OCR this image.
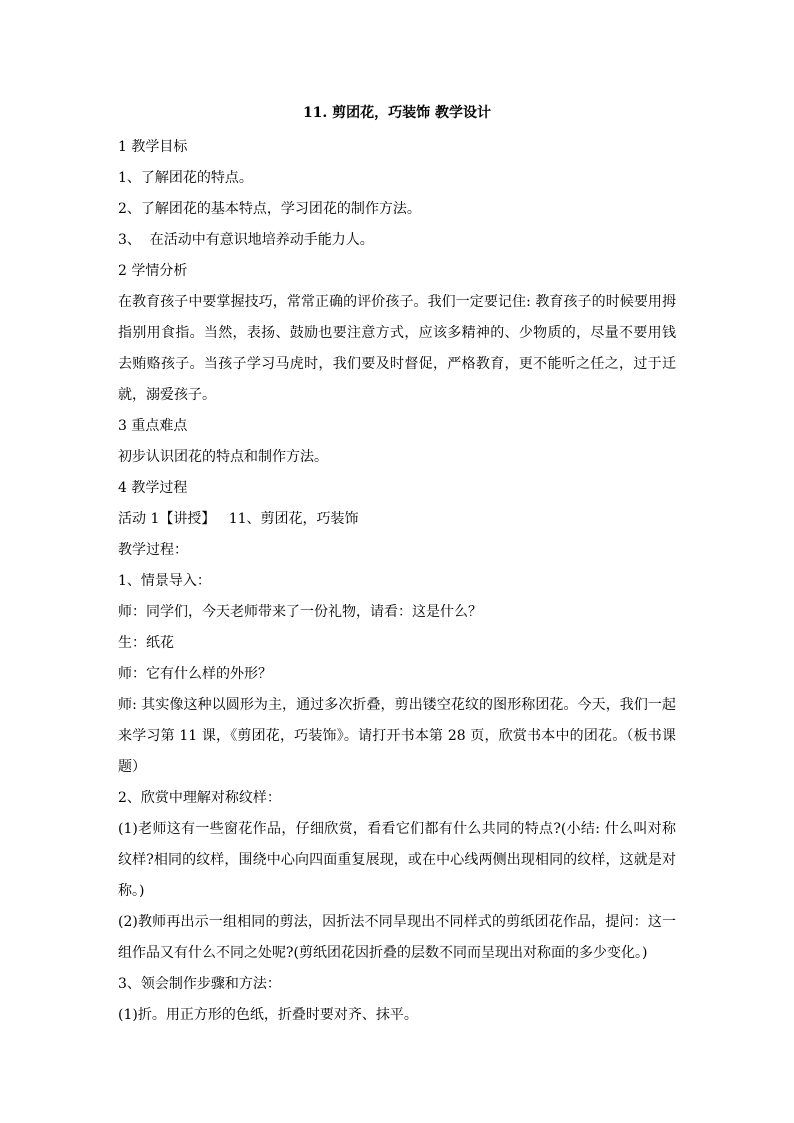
11. 剪团花，巧装饰 教学设计
1 教学目标
1、了解团花的特点。
2、了解团花的基本特点，学习团花的制作方法。
3、  在活动中有意识地培养动手能力人。
2 学情分析

在教育孩子中要掌握技巧，常常正确的评价孩子。我们一定要记住: 教育孩子的时候要用拇指别用食指。当然，表扬、鼓励也要注意方式，应该多精神的、少物质的，尽量不要用钱去贿赂孩子。当孩子学习马虎时，我们要及时督促，严格教育，更不能听之任之，过于迁就，溺爱孩子。

3 重点难点
初步认识团花的特点和制作方法。
4 教学过程
活动 1【讲授】   11、剪团花，巧装饰
教学过程：
1、情景导入：
师：同学们，今天老师带来了一份礼物，请看：这是什么？
生：纸花
师：它有什么样的外形？

师: 其实像这种以圆形为主，通过多次折叠，剪出镂空花纹的图形称团花。今天，我们一起来学习第 11 课，《剪团花，巧装饰》。请打开书本第 28 页，欣赏书本中的团花。（板书课题）

2、欣赏中理解对称纹样：

(1)老师这有一些窗花作品，仔细欣赏，看看它们都有什么共同的特点?(小结: 什么叫对称纹样?相同的纹样，围绕中心向四面重复展现，或在中心线两侧出现相同的纹样，这就是对称。)

(2)教师再出示一组相同的剪法，因折法不同旱现出不同样式的剪纸团花作品，提问：这一组作品又有什么不同之处呢?(剪纸团花因折叠的层数不同而呈现出对称面的多少变化。)

3、领会制作步骤和方法：
(1)折。用正方形的色纸，折叠时要对齐、抹平。
